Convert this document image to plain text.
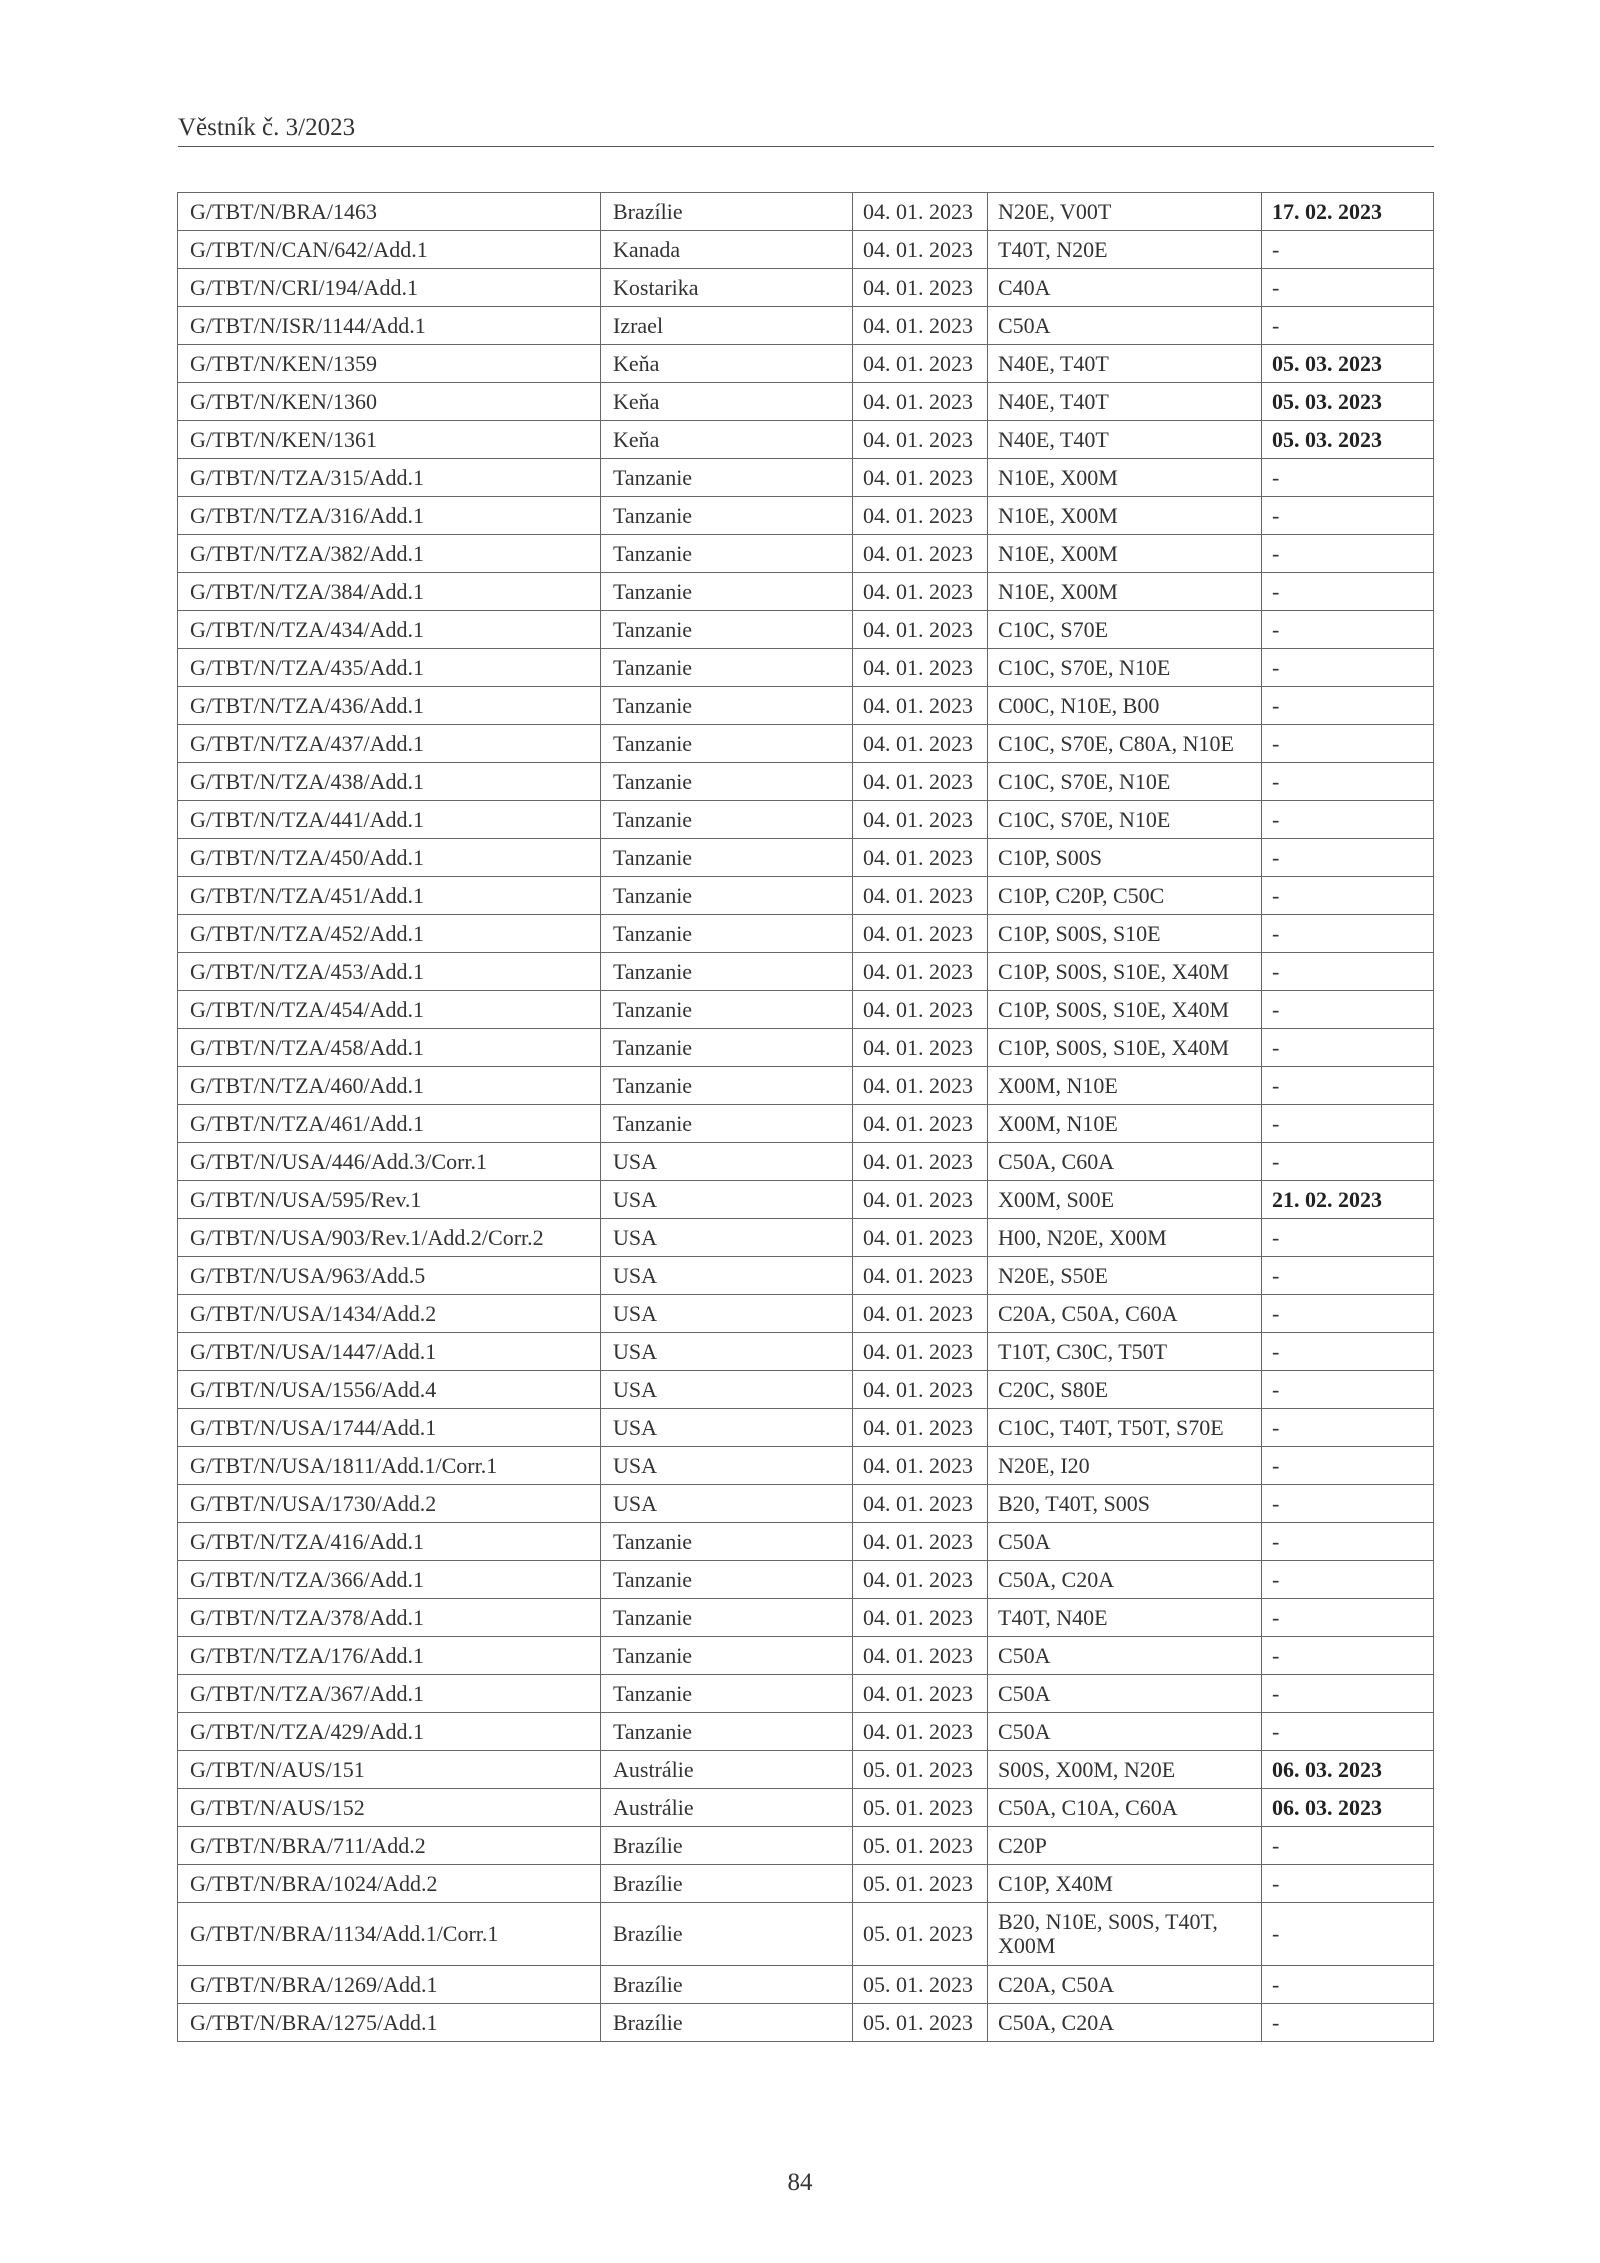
Věstník č. 3/2023
G/TBT/N/BRA/1463	Brazílie	04. 01. 2023	N20E, V00T	17. 02. 2023
G/TBT/N/CAN/642/Add.1	Kanada	04. 01. 2023	T40T, N20E	-
G/TBT/N/CRI/194/Add.1	Kostarika	04. 01. 2023	C40A	-
G/TBT/N/ISR/1144/Add.1	Izrael	04. 01. 2023	C50A	-
G/TBT/N/KEN/1359	Keňa	04. 01. 2023	N40E, T40T	05. 03. 2023
G/TBT/N/KEN/1360	Keňa	04. 01. 2023	N40E, T40T	05. 03. 2023
G/TBT/N/KEN/1361	Keňa	04. 01. 2023	N40E, T40T	05. 03. 2023
G/TBT/N/TZA/315/Add.1	Tanzanie	04. 01. 2023	N10E, X00M	-
G/TBT/N/TZA/316/Add.1	Tanzanie	04. 01. 2023	N10E, X00M	-
G/TBT/N/TZA/382/Add.1	Tanzanie	04. 01. 2023	N10E, X00M	-
G/TBT/N/TZA/384/Add.1	Tanzanie	04. 01. 2023	N10E, X00M	-
G/TBT/N/TZA/434/Add.1	Tanzanie	04. 01. 2023	C10C, S70E	-
G/TBT/N/TZA/435/Add.1	Tanzanie	04. 01. 2023	C10C, S70E, N10E	-
G/TBT/N/TZA/436/Add.1	Tanzanie	04. 01. 2023	C00C, N10E, B00	-
G/TBT/N/TZA/437/Add.1	Tanzanie	04. 01. 2023	C10C, S70E, C80A, N10E	-
G/TBT/N/TZA/438/Add.1	Tanzanie	04. 01. 2023	C10C, S70E, N10E	-
G/TBT/N/TZA/441/Add.1	Tanzanie	04. 01. 2023	C10C, S70E, N10E	-
G/TBT/N/TZA/450/Add.1	Tanzanie	04. 01. 2023	C10P, S00S	-
G/TBT/N/TZA/451/Add.1	Tanzanie	04. 01. 2023	C10P, C20P, C50C	-
G/TBT/N/TZA/452/Add.1	Tanzanie	04. 01. 2023	C10P, S00S, S10E	-
G/TBT/N/TZA/453/Add.1	Tanzanie	04. 01. 2023	C10P, S00S, S10E, X40M	-
G/TBT/N/TZA/454/Add.1	Tanzanie	04. 01. 2023	C10P, S00S, S10E, X40M	-
G/TBT/N/TZA/458/Add.1	Tanzanie	04. 01. 2023	C10P, S00S, S10E, X40M	-
G/TBT/N/TZA/460/Add.1	Tanzanie	04. 01. 2023	X00M, N10E	-
G/TBT/N/TZA/461/Add.1	Tanzanie	04. 01. 2023	X00M, N10E	-
G/TBT/N/USA/446/Add.3/Corr.1	USA	04. 01. 2023	C50A, C60A	-
G/TBT/N/USA/595/Rev.1	USA	04. 01. 2023	X00M, S00E	21. 02. 2023
G/TBT/N/USA/903/Rev.1/Add.2/Corr.2	USA	04. 01. 2023	H00, N20E, X00M	-
G/TBT/N/USA/963/Add.5	USA	04. 01. 2023	N20E, S50E	-
G/TBT/N/USA/1434/Add.2	USA	04. 01. 2023	C20A, C50A, C60A	-
G/TBT/N/USA/1447/Add.1	USA	04. 01. 2023	T10T, C30C, T50T	-
G/TBT/N/USA/1556/Add.4	USA	04. 01. 2023	C20C, S80E	-
G/TBT/N/USA/1744/Add.1	USA	04. 01. 2023	C10C, T40T, T50T, S70E	-
G/TBT/N/USA/1811/Add.1/Corr.1	USA	04. 01. 2023	N20E, I20	-
G/TBT/N/USA/1730/Add.2	USA	04. 01. 2023	B20, T40T, S00S	-
G/TBT/N/TZA/416/Add.1	Tanzanie	04. 01. 2023	C50A	-
G/TBT/N/TZA/366/Add.1	Tanzanie	04. 01. 2023	C50A, C20A	-
G/TBT/N/TZA/378/Add.1	Tanzanie	04. 01. 2023	T40T, N40E	-
G/TBT/N/TZA/176/Add.1	Tanzanie	04. 01. 2023	C50A	-
G/TBT/N/TZA/367/Add.1	Tanzanie	04. 01. 2023	C50A	-
G/TBT/N/TZA/429/Add.1	Tanzanie	04. 01. 2023	C50A	-
G/TBT/N/AUS/151	Austrálie	05. 01. 2023	S00S, X00M, N20E	06. 03. 2023
G/TBT/N/AUS/152	Austrálie	05. 01. 2023	C50A, C10A, C60A	06. 03. 2023
G/TBT/N/BRA/711/Add.2	Brazílie	05. 01. 2023	C20P	-
G/TBT/N/BRA/1024/Add.2	Brazílie	05. 01. 2023	C10P, X40M	-
G/TBT/N/BRA/1134/Add.1/Corr.1	Brazílie	05. 01. 2023	B20, N10E, S00S, T40T, X00M	-
G/TBT/N/BRA/1269/Add.1	Brazílie	05. 01. 2023	C20A, C50A	-
G/TBT/N/BRA/1275/Add.1	Brazílie	05. 01. 2023	C50A, C20A	-
84
